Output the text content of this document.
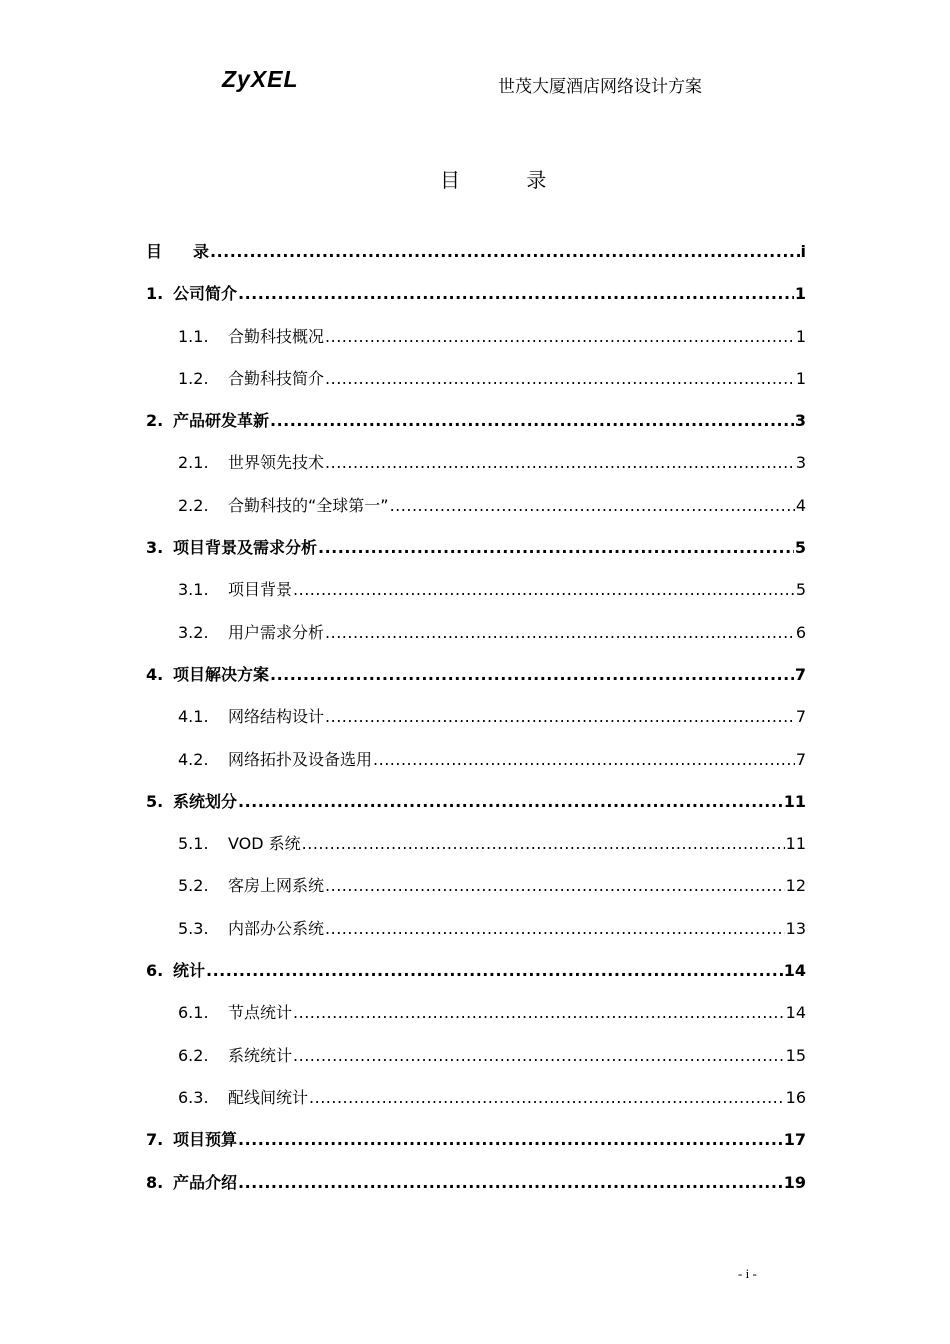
ZyXEL	世茂大厦酒店网络设计方案
目 录
目	录 .....	i
1. 公司简介 .....	1
1.1.	合勤科技概况 .....	1
1.2.	合勤科技简介 .....	1
2. 产品研发革新 .....	3
2.1.	世界领先技术 .....	3
2.2.	合勤科技的“全球第一” .....	4
3. 项目背景及需求分析 .....	5
3.1.	项目背景 .....	5
3.2.	用户需求分析 .....	6
4. 项目解决方案 .....	7
4.1.	网络结构设计 .....	7
4.2.	网络拓扑及设备选用 .....	7
5. 系统划分 .....	11
5.1.	VOD 系统 .....	11
5.2.	客房上网系统 .....	12
5.3.	内部办公系统 .....	13
6. 统计 .....	14
6.1.	节点统计 .....	14
6.2.	系统统计 .....	15
6.3.	配线间统计 .....	16
7. 项目预算 .....	17
8. 产品介绍 .....	19
- i -
